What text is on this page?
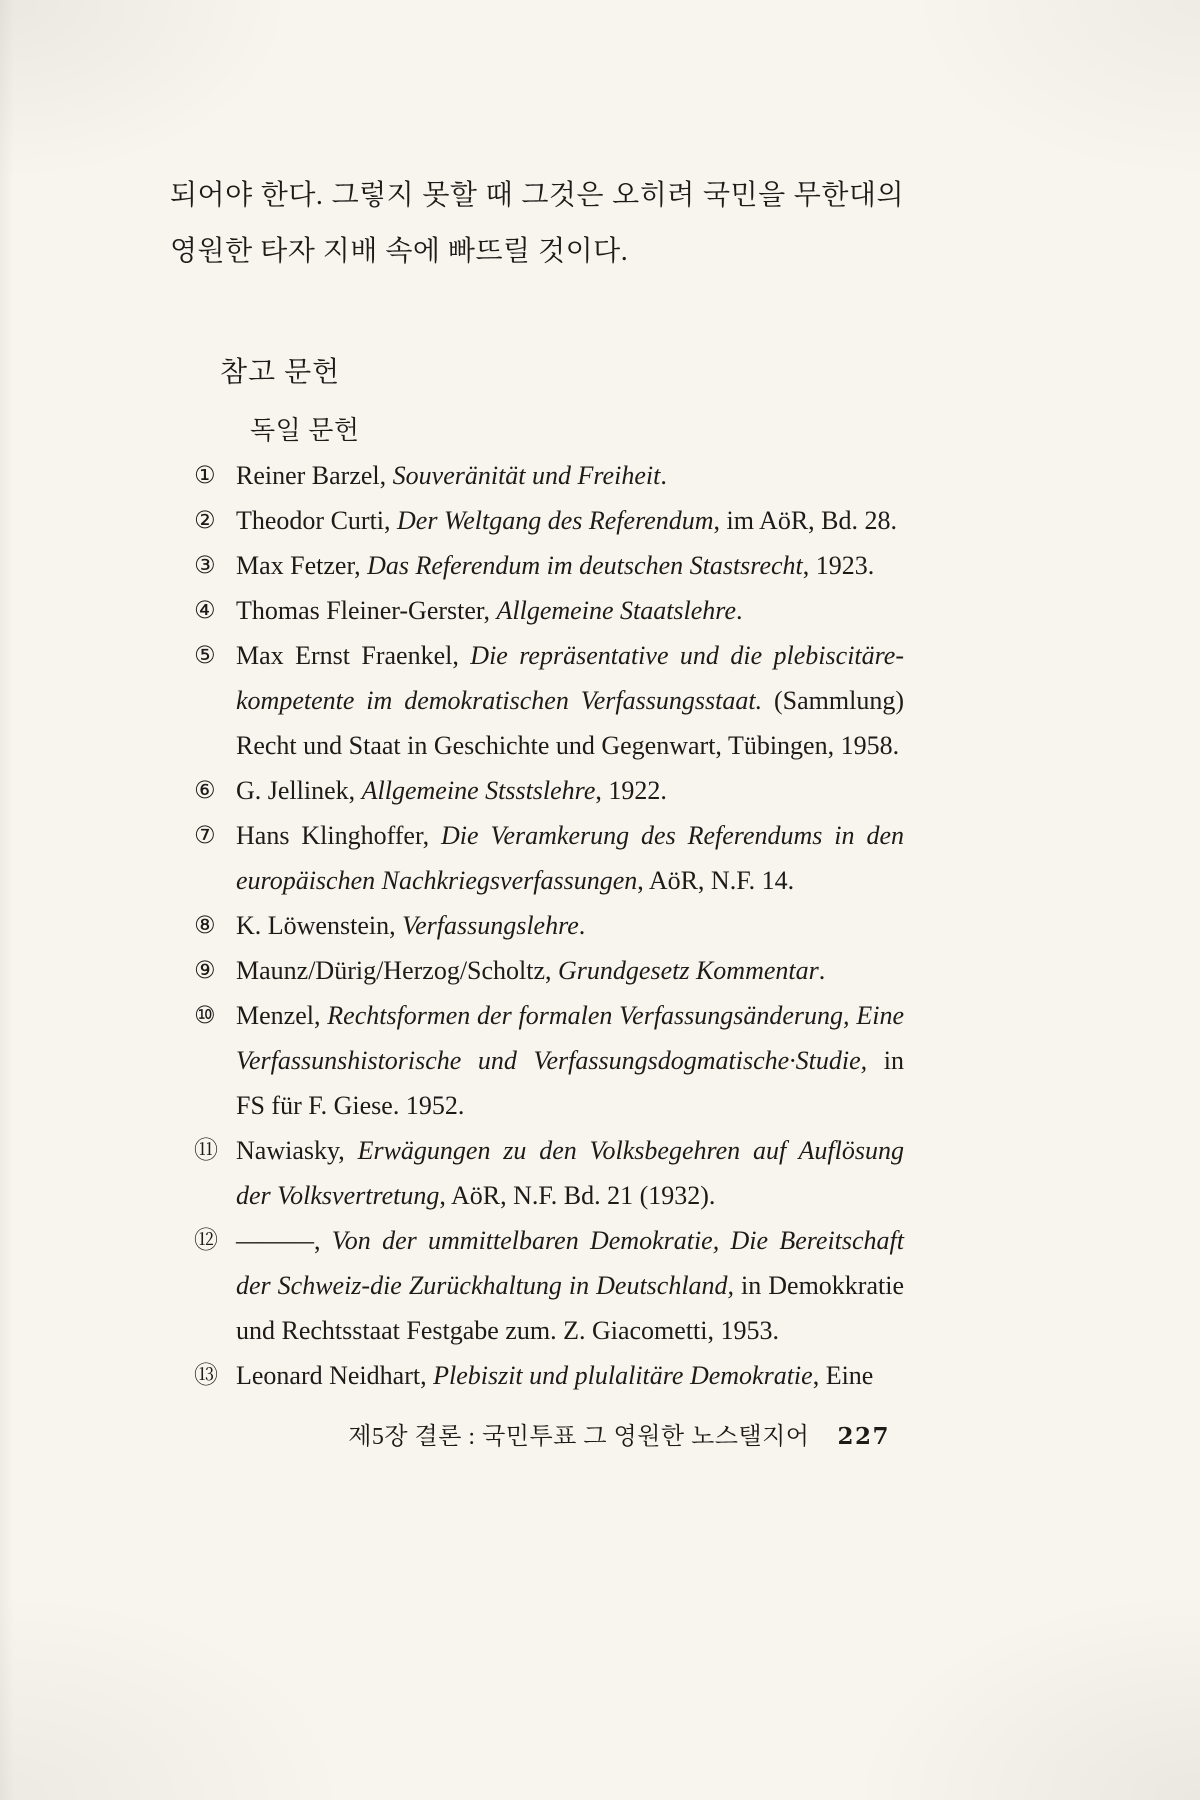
되어야 한다. 그렇지 못할 때 그것은 오히려 국민을 무한대의 영원한 타자 지배 속에 빠뜨릴 것이다.

참고 문헌
독일 문헌
① Reiner Barzel, Souveränität und Freiheit.
② Theodor Curti, Der Weltgang des Referendum, im AöR, Bd. 28.
③ Max Fetzer, Das Referendum im deutschen Stastsrecht, 1923.
④ Thomas Fleiner-Gerster, Allgemeine Staatslehre.
⑤ Max Ernst Fraenkel, Die repräsentative und die plebiscitäre-kompetente im demokratischen Verfassungsstaat. (Sammlung) Recht und Staat in Geschichte und Gegenwart, Tübingen, 1958.
⑥ G. Jellinek, Allgemeine Stsstslehre, 1922.
⑦ Hans Klinghoffer, Die Veramkerung des Referendums in den europäischen Nachkriegsverfassungen, AöR, N.F. 14.
⑧ K. Löwenstein, Verfassungslehre.
⑨ Maunz/Dürig/Herzog/Scholtz, Grundgesetz Kommentar.
⑩ Menzel, Rechtsformen der formalen Verfassungsänderung, Eine Verfassunshistorische und Verfassungsdogmatische·Studie, in FS für F. Giese. 1952.
⑪ Nawiasky, Erwägungen zu den Volksbegehren auf Auflösung der Volksvertretung, AöR, N.F. Bd. 21 (1932).
⑫ ———, Von der ummittelbaren Demokratie, Die Bereitschaft der Schweiz-die Zurückhaltung in Deutschland, in Demokkratie und Rechtsstaat Festgabe zum. Z. Giacometti, 1953.
⑬ Leonard Neidhart, Plebiszit und plulalitäre Demokratie, Eine
제5장 결론 : 국민투표 그 영원한 노스탤지어 227
